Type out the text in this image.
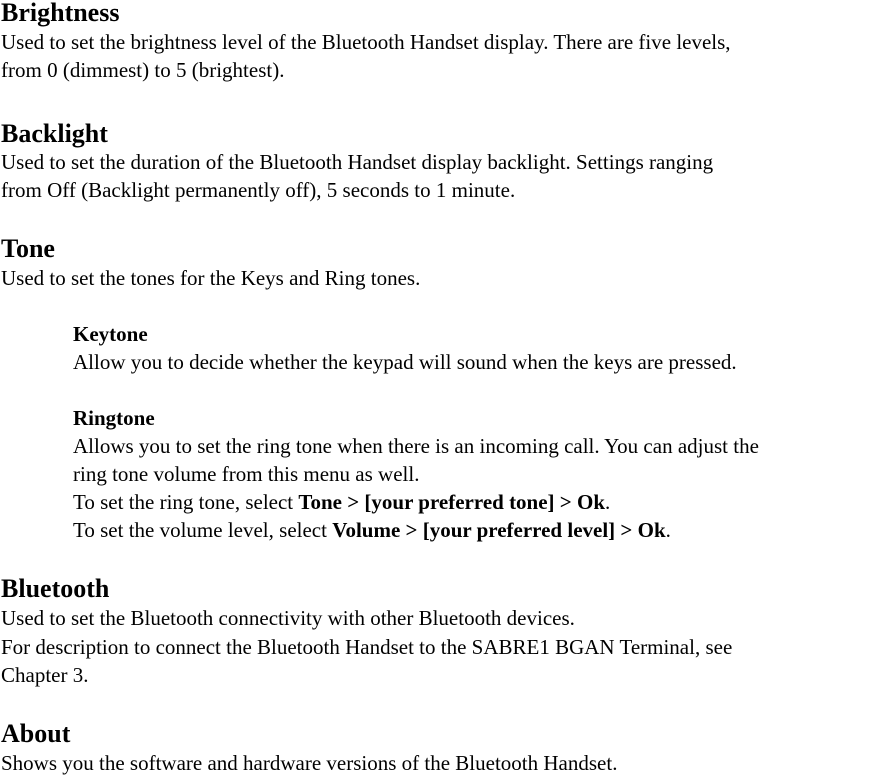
Brightness
Used to set the brightness level of the Bluetooth Handset display. There are five levels,
from 0 (dimmest) to 5 (brightest).
Backlight
Used to set the duration of the Bluetooth Handset display backlight. Settings ranging
from Off (Backlight permanently off), 5 seconds to 1 minute.
Tone
Used to set the tones for the Keys and Ring tones.
Keytone
Allow you to decide whether the keypad will sound when the keys are pressed.
Ringtone
Allows you to set the ring tone when there is an incoming call. You can adjust the
ring tone volume from this menu as well.
To set the ring tone, select Tone > [your preferred tone] > Ok.
To set the volume level, select Volume > [your preferred level] > Ok.
Bluetooth
Used to set the Bluetooth connectivity with other Bluetooth devices.
For description to connect the Bluetooth Handset to the SABRE1 BGAN Terminal, see
Chapter 3.
About
Shows you the software and hardware versions of the Bluetooth Handset.
